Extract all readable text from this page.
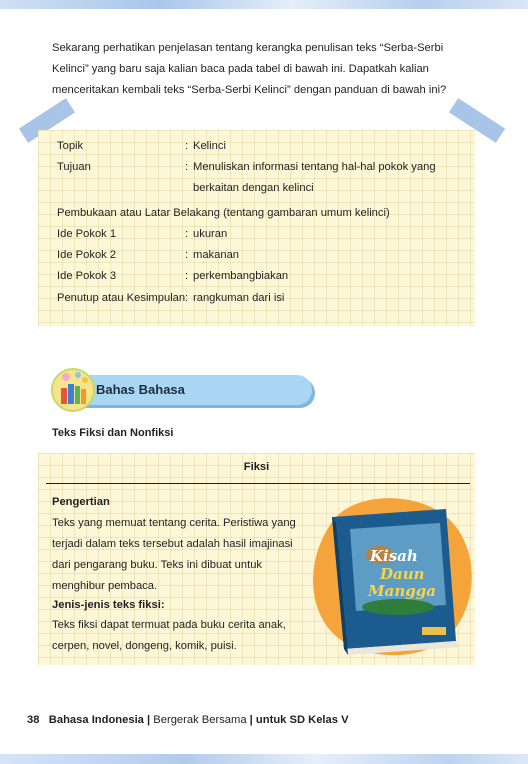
Sekarang perhatikan penjelasan tentang kerangka penulisan teks “Serba-Serbi Kelinci” yang baru saja kalian baca pada tabel di bawah ini. Dapatkah kalian menceritakan kembali teks “Serba-Serbi Kelinci” dengan panduan di bawah ini?

Topik	: Kelinci
Tujuan	: Menuliskan informasi tentang hal-hal pokok yang berkaitan dengan kelinci
Pembukaan atau Latar Belakang (tentang gambaran umum kelinci)
Ide Pokok 1	: ukuran
Ide Pokok 2	: makanan
Ide Pokok 3	: perkembangbiakan
Penutup atau Kesimpulan : rangkuman dari isi
Bahas Bahasa
Teks Fiksi dan Nonfiksi
Fiksi
Pengertian

Teks yang memuat tentang cerita. Peristiwa yang terjadi dalam teks tersebut adalah hasil imajinasi dari pengarang buku. Teks ini dibuat untuk menghibur pembaca.

Jenis-jenis teks fiksi:

Teks fiksi dapat termuat pada buku cerita anak, cerpen, novel, dongeng, komik, puisi.

Kisah
Daun
Mangga
38 Bahasa Indonesia | Bergerak Bersama | untuk SD Kelas V
